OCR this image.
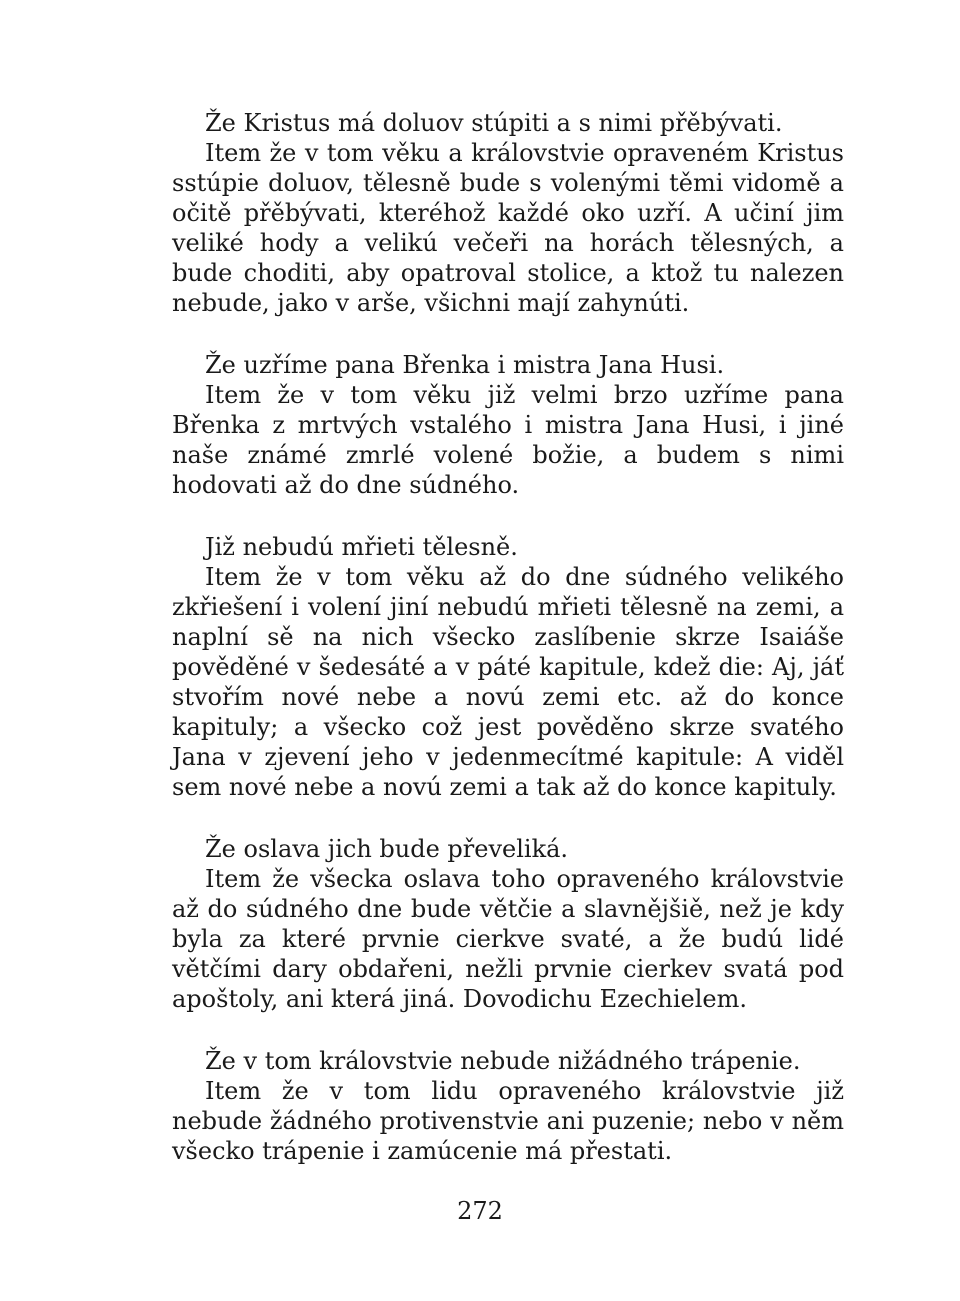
Že Kristus má doluov stúpiti a s nimi přěbývati.
Item že v tom věku a královstvie opraveném Kristus sstúpie doluov, tělesně bude s volenými těmi vidomě a očitě přěbývati, kteréhož každé oko uzří. A učiní jim veliké hody a velikú večeři na horách tělesných, a bude choditi, aby opatroval stolice, a ktož tu nalezen nebude, jako v arše, všichni mají zahynúti.
Že uzříme pana Břenka i mistra Jana Husi.
Item že v tom věku již velmi brzo uzříme pana Břenka z mrtvých vstalého i mistra Jana Husi, i jiné naše známé zmrlé volené božie, a budem s nimi hodovati až do dne súdného.
Již nebudú mřieti tělesně.
Item že v tom věku až do dne súdného velikého zkřiešení i volení jiní nebudú mřieti tělesně na zemi, a naplní sě na nich všecko zaslíbenie skrze Isaiáše pověděné v šedesáté a v páté kapitule, kdež die: Aj, jáť stvořím nové nebe a novú zemi etc. až do konce kapituly; a všecko což jest pověděno skrze svatého Jana v zjevení jeho v jedenmecítmé kapitule: A viděl sem nové nebe a novú zemi a tak až do konce kapituly.
Že oslava jich bude převeliká.
Item že všecka oslava toho opraveného královstvie až do súdného dne bude větčie a slavnějšiě, než je kdy byla za které prvnie cierkve svaté, a že budú lidé větčími dary obdařeni, nežli prvnie cierkev svatá pod apoštoly, ani která jiná. Dovodichu Ezechielem.
Že v tom královstvie nebude nižádného trápenie.
Item že v tom lidu opraveného královstvie již nebude žádného protivenstvie ani puzenie; nebo v něm všecko trápenie i zamúcenie má přestati.
272
